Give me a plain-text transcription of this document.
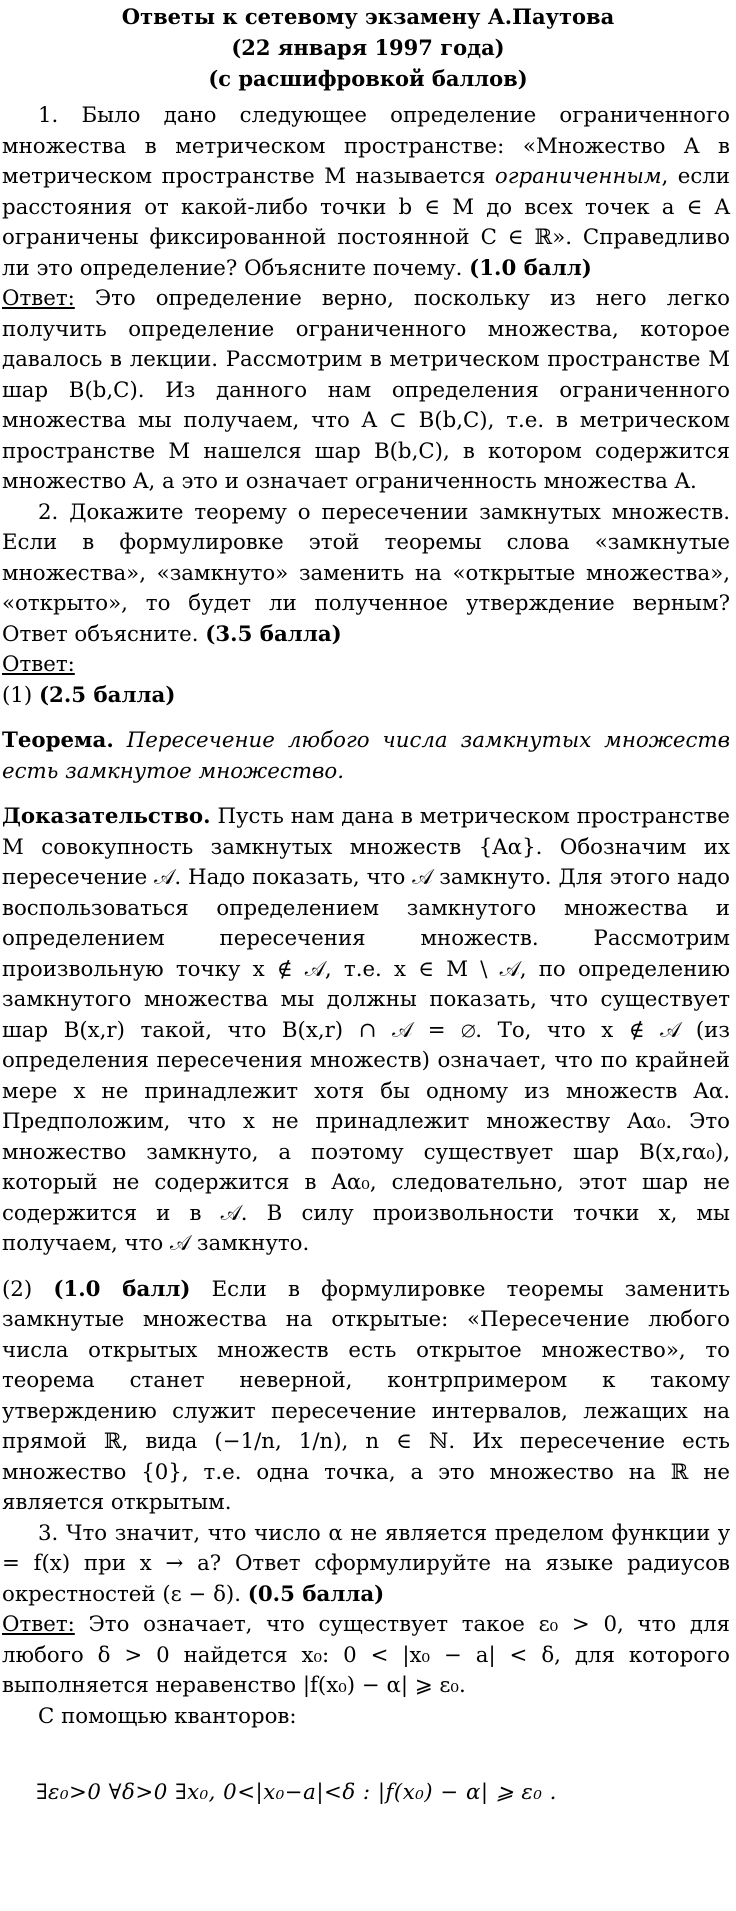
Ответы к сетевому экзамену А.Паутова
(22 января 1997 года)
(с расшифровкой баллов)

1. Было дано следующее определение ограниченного множества в метрическом пространстве: «Множество A в метрическом пространстве M называется ограниченным, если расстояния от какой-либо точки b ∈ M до всех точек a ∈ A ограничены фиксированной постоянной C ∈ ℝ». Справедливо ли это определение? Объясните почему. (1.0 балл)

Ответ: Это определение верно, поскольку из него легко получить определение ограниченного множества, которое давалось в лекции. Рассмотрим в метрическом пространстве M шар B(b,C). Из данного нам определения ограниченного множества мы получаем, что A ⊂ B(b,C), т.е. в метрическом пространстве M нашелся шар B(b,C), в котором содержится множество A, а это и означает ограниченность множества A.

2. Докажите теорему о пересечении замкнутых множеств. Если в формулировке этой теоремы слова «замкнутые множества», «замкнуто» заменить на «открытые множества», «открыто», то будет ли полученное утверждение верным? Ответ объясните. (3.5 балла)

Ответ:

(1) (2.5 балла)

Теорема. Пересечение любого числа замкнутых множеств есть замкнутое множество.

Доказательство. Пусть нам дана в метрическом пространстве M совокупность замкнутых множеств {Aα}. Обозначим их пересечение 𝒜. Надо показать, что 𝒜 замкнуто. Для этого надо воспользоваться определением замкнутого множества и определением пересечения множеств. Рассмотрим произвольную точку x ∉ 𝒜, т.е. x ∈ M \ 𝒜, по определению замкнутого множества мы должны показать, что существует шар B(x,r) такой, что B(x,r) ∩ 𝒜 = ∅. То, что x ∉ 𝒜 (из определения пересечения множеств) означает, что по крайней мере x не принадлежит хотя бы одному из множеств Aα. Предположим, что x не принадлежит множеству Aα₀. Это множество замкнуто, а поэтому существует шар B(x,rα₀), который не содержится в Aα₀, следовательно, этот шар не содержится и в 𝒜. В силу произвольности точки x, мы получаем, что 𝒜 замкнуто.

(2) (1.0 балл) Если в формулировке теоремы заменить замкнутые множества на открытые: «Пересечение любого числа открытых множеств есть открытое множество», то теорема станет неверной, контрпримером к такому утверждению служит пересечение интервалов, лежащих на прямой ℝ, вида (−1/n, 1/n), n ∈ ℕ. Их пересечение есть множество {0}, т.е. одна точка, а это множество на ℝ не является открытым.

3. Что значит, что число α не является пределом функции y = f(x) при x → a? Ответ сформулируйте на языке радиусов окрестностей (ε − δ). (0.5 балла)

Ответ: Это означает, что существует такое ε₀ > 0, что для любого δ > 0 найдется x₀: 0 < |x₀ − a| < δ, для которого выполняется неравенство |f(x₀) − α| ⩾ ε₀.

С помощью кванторов:

∃ε₀>0 ∀δ>0 ∃x₀, 0<|x₀−a|<δ : |f(x₀) − α| ⩾ ε₀ .
